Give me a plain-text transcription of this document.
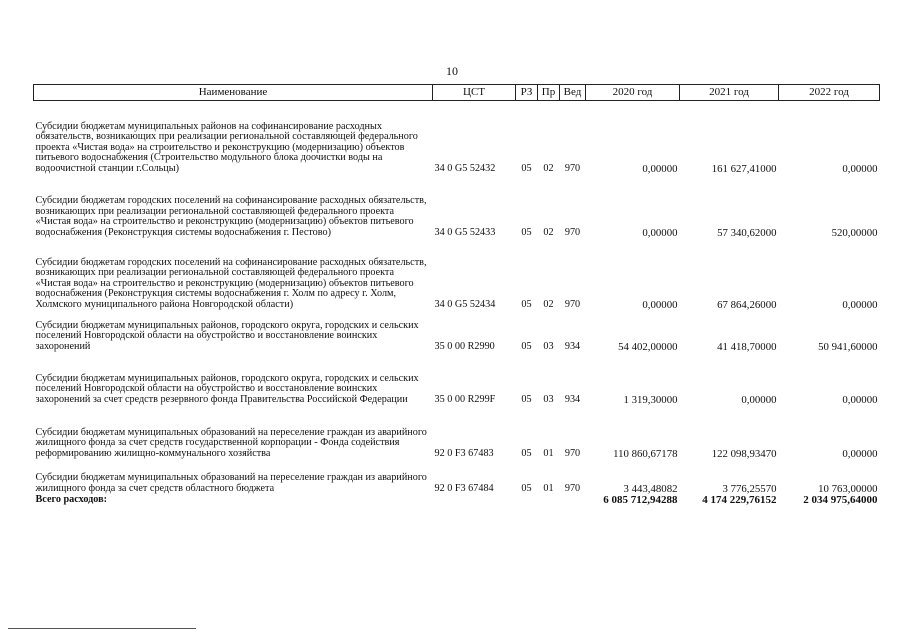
10
Наименование	ЦСТ	РЗ	Пр	Вед	2020 год	2021 год	2022 год
Субсидии бюджетам муниципальных районов на софинансирование расходных обязательств, возникающих при реализации региональной составляющей федерального проекта «Чистая вода» на строительство и реконструкцию (модернизацию) объектов питьевого водоснабжения (Строительство модульного блока доочистки воды на водоочистной станции г.Сольцы)	34 0 G5 52432	05	02	970	0,00000	161 627,41000	0,00000
Субсидии бюджетам городских поселений на софинансирование расходных обязательств, возникающих при реализации региональной составляющей федерального проекта «Чистая вода» на строительство и реконструкцию (модернизацию) объектов питьевого водоснабжения (Реконструкция системы водоснабжения г. Пестово)	34 0 G5 52433	05	02	970	0,00000	57 340,62000	520,00000
Субсидии бюджетам городских поселений на софинансирование расходных обязательств, возникающих при реализации региональной составляющей федерального проекта «Чистая вода» на строительство и реконструкцию (модернизацию) объектов питьевого водоснабжения (Реконструкция системы водоснабжения г. Холм по адресу г. Холм, Холмского муниципального района Новгородской области)	34 0 G5 52434	05	02	970	0,00000	67 864,26000	0,00000
Субсидии бюджетам муниципальных районов, городского округа, городских и сельских поселений Новгородской области на обустройство и восстановление воинских захоронений	35 0 00 R2990	05	03	934	54 402,00000	41 418,70000	50 941,60000
Субсидии бюджетам муниципальных районов, городского округа, городских и сельских поселений Новгородской области на обустройство и восстановление воинских захоронений за счет средств резервного фонда Правительства Российской Федерации	35 0 00 R299F	05	03	934	1 319,30000	0,00000	0,00000
Субсидии бюджетам муниципальных образований на переселение граждан из аварийного жилищного фонда за счет средств государственной корпорации - Фонда содействия реформированию жилищно-коммунального хозяйства	92 0 F3 67483	05	01	970	110 860,67178	122 098,93470	0,00000
Субсидии бюджетам муниципальных образований на переселение граждан из аварийного жилищного фонда за счет средств областного бюджета	92 0 F3 67484	05	01	970	3 443,48082	3 776,25570	10 763,00000
Всего расходов:					6 085 712,94288	4 174 229,76152	2 034 975,64000
